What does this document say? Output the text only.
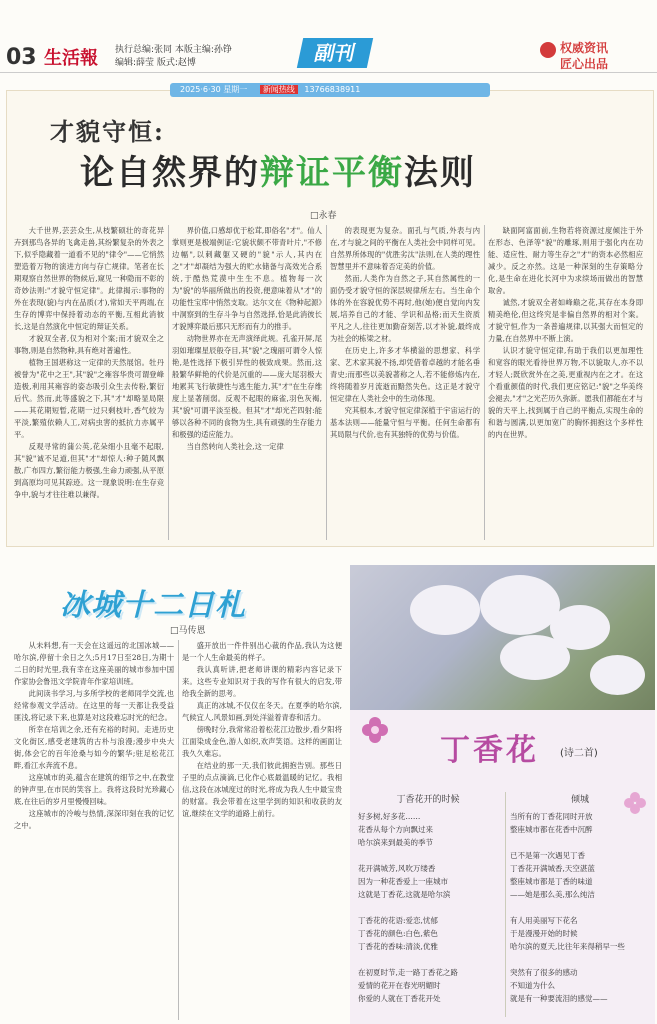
03 生活報 执行总编:张同 本版主编:孙铮
编辑:薛莹 版式:赵博	副刊	权威资讯
匠心出品
2025·6·30 星期一 新闻热线 13766838911
才貌守恒:
论自然界的辩证平衡法则
□永春

大千世界,芸芸众生,从枝繁硕壮的奇花异卉到那鸟各异的飞禽走兽,其纷繁复杂的外表之下,似乎隐藏着一道看不见的"律令"——它悄然塑造着万物的演进方向与存亡规律。笔者在长期观察自然世界的物候后,窥见一种隐而不彰的奇妙法则:"才貌守恒定律"。此律揭示:事物的外在表现(貌)与内在品质(才),常如天平两端,在生存的博弈中保持着动态的平衡,互相此消彼长,这是自然演化中恒定的辩证关系。

才貌双全者,仅为相对个案;而才貌双全之事物,则是自然物种,具有绝对普遍性。

植物王国堪称这一定律的天然展馆。牡丹被誉为"花中之王",其"貌"之雍容华贵可谓登峰造极,利用其雍容的姿态吸引众生去传粉,繁衍后代。然而,此等盛貌之下,其"才"却略显局限——其花期短暂,花期一过只剩枝叶,香气较为平淡,繁殖依赖人工,对病虫害的抵抗力亦属平平。

反观寻常的蒲公英,花朵细小且毫不起眼,其"貌"诚不足道,但其"才"却惊人:种子随风飘散,广布四方,繁衍能力极强,生命力顽强,从平原到高原均可见其踪迹。这一现象说明:在生存竞争中,貌与才往往难以兼得。

界价值,口感却优于松茸,即俗名"才"。仙人掌则更是极端例证:它貌状颇不带青叶片,"不修边幅",以刺藏躯又硬的"貌"示人,其内在之"才"却凝结为强大的贮水储备与高效光合系统,于酷热荒漠中生生不息。植物每一次为"貌"的华丽所做出的投资,便意味着从"才"的功能性宝库中悄然支取。达尔文在《物种起源》中洞察到的生存斗争与自然选择,恰是此消彼长才貌博弈最后那只无形而有力的推手。

动物世界亦在无声演绎此规。孔雀开屏,尾羽如璀璨星辰般夺目,其"貌"之瑰丽可谓令人惊艳,是性选择下极引异性的极致成果。然而,这般繁华鲜艳的代价是沉重的——庞大尾羽极大地累其飞行敏捷性与逃生能力,其"才"在生存维度上显著削弱。反观不起眼的麻雀,羽色灰褐,其"貌"可谓平淡至极。但其"才"却光芒四射:能够以各种不同的食物为生,具有顽强的生存能力和极强的适应能力。

当自然转向人类社会,这一定律

的表现更为复杂。面孔与气质,外表与内在,才与貌之间的平衡在人类社会中同样可见。自然界所体现的"优胜劣汰"法则,在人类的理性智慧里并不意味着否定美的价值。

然而,人类作为自然之子,其自然属性的一面仍受才貌守恒的深层规律所左右。当生命个体的外在容貌优势不再时,他(她)便自觉向内发展,培养自己的才能、学识和品格;而天生资质平凡之人,往往更加勤奋刻苦,以才补貌,最终成为社会的栋梁之材。

在历史上,许多才华横溢的思想家、科学家、艺术家其貌不扬,却凭借着卓越的才能名垂青史;而那些以美貌著称之人,若不能修炼内在,终将随着岁月流逝而黯然失色。这正是才貌守恒定律在人类社会中的生动体现。

究其根本,才貌守恒定律深植于宇宙运行的基本法则——能量守恒与平衡。任何生命都有其局限与代价,也有其独特的优势与价值。

缺面阿富面前,生物若将资源过度倾注于外在形态、色泽等"貌"的雕琢,则用于强化内在功能、适应性、耐力等生存之"才"的资本必然相应减少。反之亦然。这是一种深刻的生存策略分化,是生命在进化长河中为求续场而做出的智慧取舍。

诚然,才貌双全者如峰巅之花,其存在本身即精美绝伦,但这终究是非偏自然界的相对个案。才貌守恒,作为一条普遍规律,以其强大而恒定的力量,在自然界中不断上演。

认识才貌守恒定律,有助于我们以更加理性和宽容的眼光看待世界万物,不以貌取人,亦不以才轻人;既欣赏外在之美,更重视内在之才。在这个看重颜值的时代,我们更应铭记:"貌"之华美终会褪去,"才"之光芒历久弥新。愿我们都能在才与貌的天平上,找到属于自己的平衡点,实现生命的和谐与圆满,以更加宽广的胸怀拥抱这个多样性的内在世界。

冰城十二日札
□马传恩

从未料想,有一天会在这遥远的北国冰城——哈尔滨,停留十余日之久;5月17日至28日,为期十二日的时光里,我有幸在这座美丽的城市参加中国作家协会鲁迅文学院青年作家培训班。

此间读书学习,与多所学校的老师同学交流,也经常参观文学活动。在这里的每一天都让我受益匪浅,将记录下来,也算是对这段难忘时光的纪念。

所幸在培训之余,还有充裕的时间。走进历史文化街区,感受老建筑的古朴与浪漫;漫步中央大街,体会它的百年沧桑与如今的繁华;驻足松花江畔,看江水奔流不息。

这座城市的美,蕴含在建筑的细节之中,在教堂的钟声里,在市民的笑容上。我将这段时光珍藏心底,在往后的岁月里慢慢回味。

这座城市的冷峻与热情,深深印刻在我的记忆之中。

盛开放出一件件别出心裁的作品,我认为这便是一个人生命最美的样子。

我认真听讲,把老师讲课的精彩内容记录下来。这些专业知识对于我的写作有很大的启发,带给我全新的思考。

真正的冰城,不仅仅在冬天。在夏季的哈尔滨,气候宜人,风景如画,到处洋溢着青春和活力。

傍晚时分,我常常沿着松花江边散步,看夕阳将江面染成金色,游人如织,欢声笑语。这样的画面让我久久难忘。

在结业的那一天,我们彼此拥抱告别。那些日子里的点点滴滴,已化作心底最温暖的记忆。我相信,这段在冰城度过的时光,将成为我人生中最宝贵的财富。我会带着在这里学到的知识和收获的友谊,继续在文学的道路上前行。

丁香花 (诗二首)
丁香花开的时候
好多树,好多花……
花香从每个方向飘过来
哈尔滨来到最美的季节

花开满城芳,风吹万缕香
因为一种花香爱上一座城市
这就是丁香花,这就是哈尔滨

丁香花的花语:爱恋,忧郁
丁香花的颜色:白色,紫色
丁香花的香味:清淡,优雅

在初夏时节,走一路丁香花之路
爱情的花开在春光明媚时
你爱的人就在丁香花开处
倾城
当所有的丁香花同时开放
整座城市都在花香中沉醉

已不是第一次遇见丁香
丁香花开满城香,天空湛蓝
整座城市都是丁香的味道
——她是那么美,那么纯洁

有人用美丽写下花名
于是漫漫开始的时候
哈尔滨的夏天,比往年来得稍早一些

突然有了很多的感动
不知道为什么
就是有一种要流泪的感觉——
